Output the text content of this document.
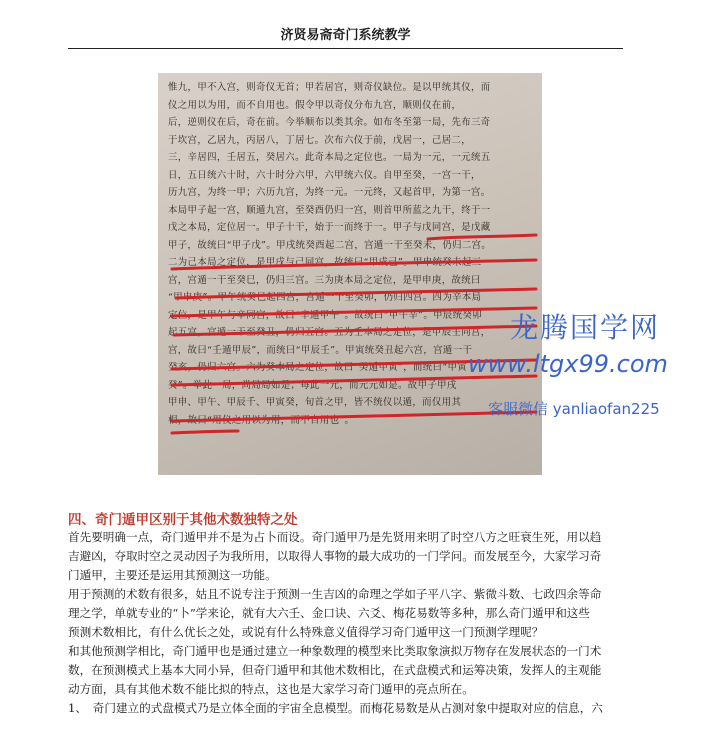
济贤易斋奇门系统教学
惟九，甲不入宫，则奇仪无首；甲若居宫，则奇仪缺位。是以甲统其仪，而
仪之用以为用，而不自用也。假令甲以奇仪分布九宫，顺则仪在前，
后，逆则仪在后，奇在前。今举顺布以类其余。如布冬至第一局，先布三奇
于坎宫，乙居九，丙居八，丁居七。次布六仪于前，戊居一，己居二，
三，辛居四，壬居五，癸居六。此奇本局之定位也。一局为一元，一元统五
日，五日统六十时，六十时分六甲，六甲统六仪。自甲至癸，一宫一干，
历九宫，为终一甲；六历九宫，为终一元。一元终，又起首甲，为第一宫。
本局甲子起一宫，顺遁九宫，至癸酉仍归一宫，则首甲所蓝之九干，终于一
戊之本局，定位居一。甲子十干，始于一而终于一。甲子与戊同宫，是戊藏
甲子，故统曰“甲子戊”。甲戌统癸酉起二宫，宫遁一干至癸未，仍归二宫。
二为己本局之定位，是甲戌与己同宫，故统曰“甲戌己”。甲申统癸未起三
宫，宫遁一干至癸巳，仍归三宫。三为庚本局之定位，是甲申庚，故统曰
“甲申庚”。甲午统癸巳起四宫，宫遁一干至癸卯，仍归四宫。四为辛本局
定位，是甲午与辛同宫，故曰“辛遁甲午”。故统曰“甲午辛”。甲辰统癸卯
起五宫，宫遁一干至癸丑，仍归五宫。五为壬本局之定位，是甲辰壬同宫，
宫，故曰“壬遁甲辰”，而统曰“甲辰壬”。甲寅统癸丑起六宫，宫遁一干
癸亥，仍归六宫。六为癸本局之定位，故曰“癸遁甲寅”，而统曰“甲寅
癸”。举此一局，尚局局如是；每此一元，而元元如是。故甲子甲戌
甲申、甲午、甲辰千、甲寅癸，旬首之甲，皆不统仪以遁，而仅用其
相，故曰“用仪之用以为用，而不自用也”。
龙腾国学网
www.ltgx99.com
客服微信 yanliaofan225
四、奇门遁甲区别于其他术数独特之处
首先要明确一点，奇门遁甲并不是为占卜而设。奇门遁甲乃是先贤用来明了时空八方之旺衰生死，用以趋
吉避凶，夺取时空之灵动因子为我所用，以取得人事物的最大成功的一门学问。而发展至今，大家学习奇
门遁甲，主要还是运用其预测这一功能。
用于预测的术数有很多，姑且不说专注于预测一生吉凶的命理之学如子平八字、紫微斗数、七政四余等命
理之学，单就专业的“卜”学来论，就有大六壬、金口诀、六爻、梅花易数等多种，那么奇门遁甲和这些
预测术数相比，有什么优长之处，或说有什么特殊意义值得学习奇门遁甲这一门预测学理呢？
和其他预测学相比，奇门遁甲也是通过建立一种象数理的模型来比类取象演拟万物存在发展状态的一门术
数，在预测模式上基本大同小异，但奇门遁甲和其他术数相比，在式盘模式和运筹决策，发挥人的主观能
动方面，具有其他术数不能比拟的特点，这也是大家学习奇门遁甲的亮点所在。
1、　奇门建立的式盘模式乃是立体全面的宇宙全息模型。而梅花易数是从占测对象中提取对应的信息，六
